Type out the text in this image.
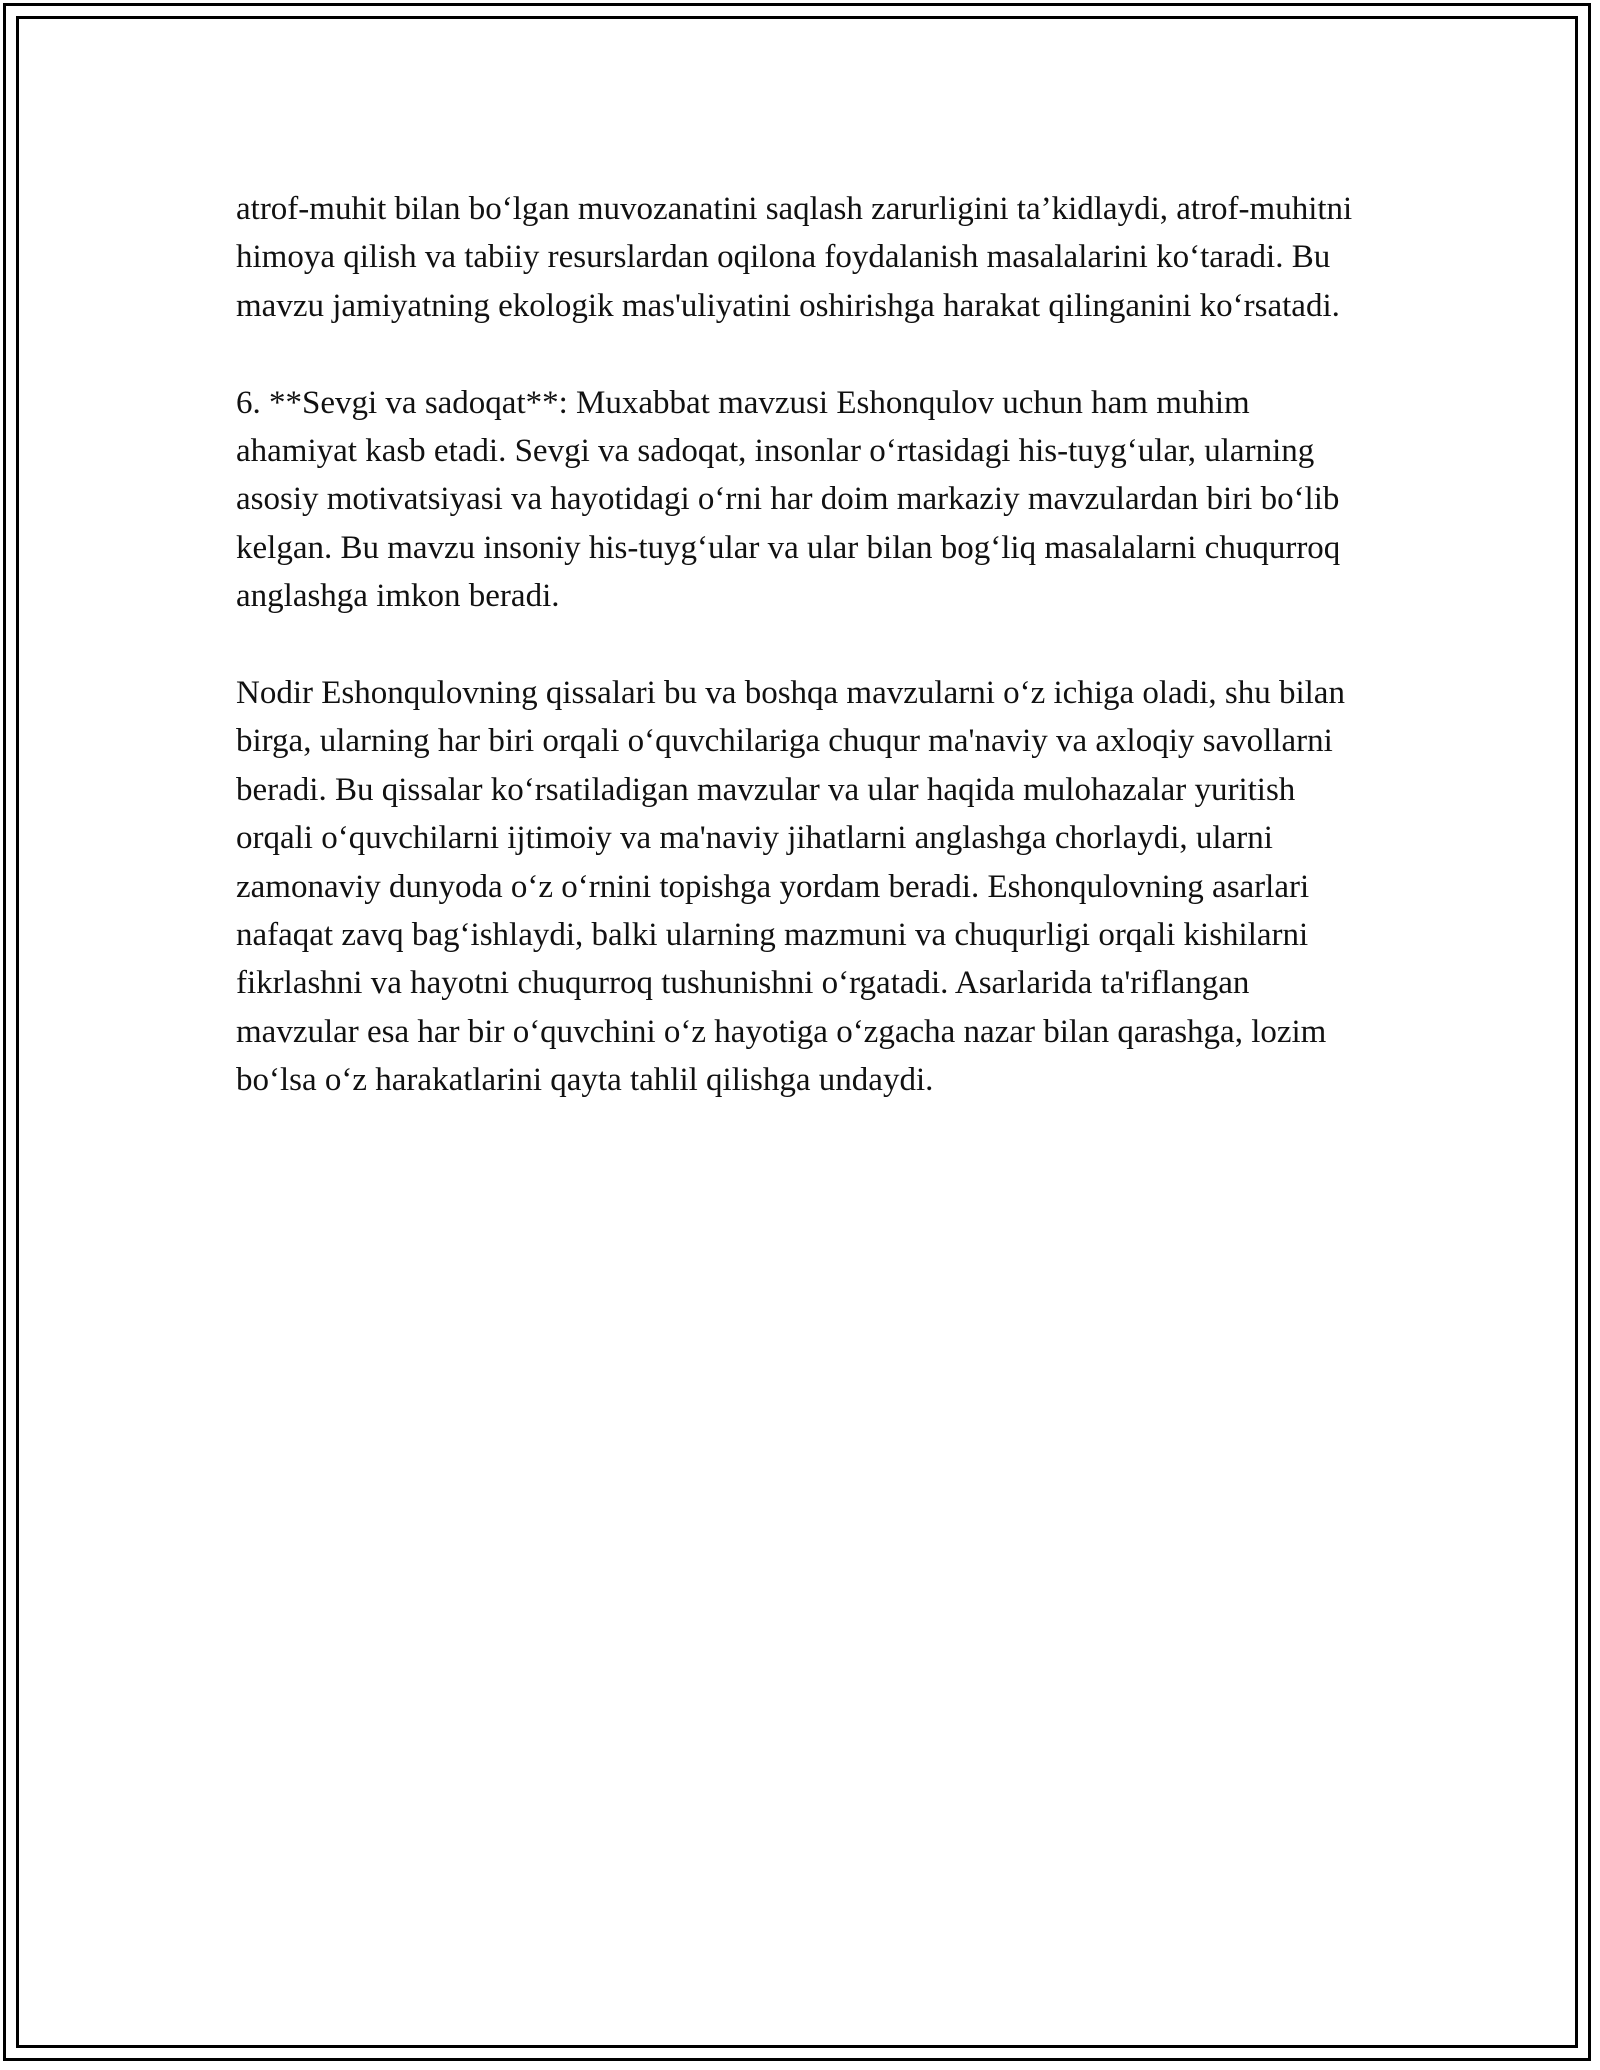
atrof-muhit bilan bo‘lgan muvozanatini saqlash zarurligini ta’kidlaydi, atrof-muhitni himoya qilish va tabiiy resurslardan oqilona foydalanish masalalarini ko‘taradi. Bu mavzu jamiyatning ekologik mas'uliyatini oshirishga harakat qilinganini ko‘rsatadi.

6. **Sevgi va sadoqat**: Muxabbat mavzusi Eshonqulov uchun ham muhim ahamiyat kasb etadi. Sevgi va sadoqat, insonlar o‘rtasidagi his-tuyg‘ular, ularning asosiy motivatsiyasi va hayotidagi o‘rni har doim markaziy mavzulardan biri bo‘lib kelgan. Bu mavzu insoniy his-tuyg‘ular va ular bilan bog‘liq masalalarni chuqurroq anglashga imkon beradi.

Nodir Eshonqulovning qissalari bu va boshqa mavzularni o‘z ichiga oladi, shu bilan birga, ularning har biri orqali o‘quvchilariga chuqur ma'naviy va axloqiy savollarni beradi. Bu qissalar ko‘rsatiladigan mavzular va ular haqida mulohazalar yuritish orqali o‘quvchilarni ijtimoiy va ma'naviy jihatlarni anglashga chorlaydi, ularni zamonaviy dunyoda o‘z o‘rnini topishga yordam beradi. Eshonqulovning asarlari nafaqat zavq bag‘ishlaydi, balki ularning mazmuni va chuqurligi orqali kishilarni fikrlashni va hayotni chuqurroq tushunishni o‘rgatadi. Asarlarida ta'riflangan mavzular esa har bir o‘quvchini o‘z hayotiga o‘zgacha nazar bilan qarashga, lozim bo‘lsa o‘z harakatlarini qayta tahlil qilishga undaydi.
